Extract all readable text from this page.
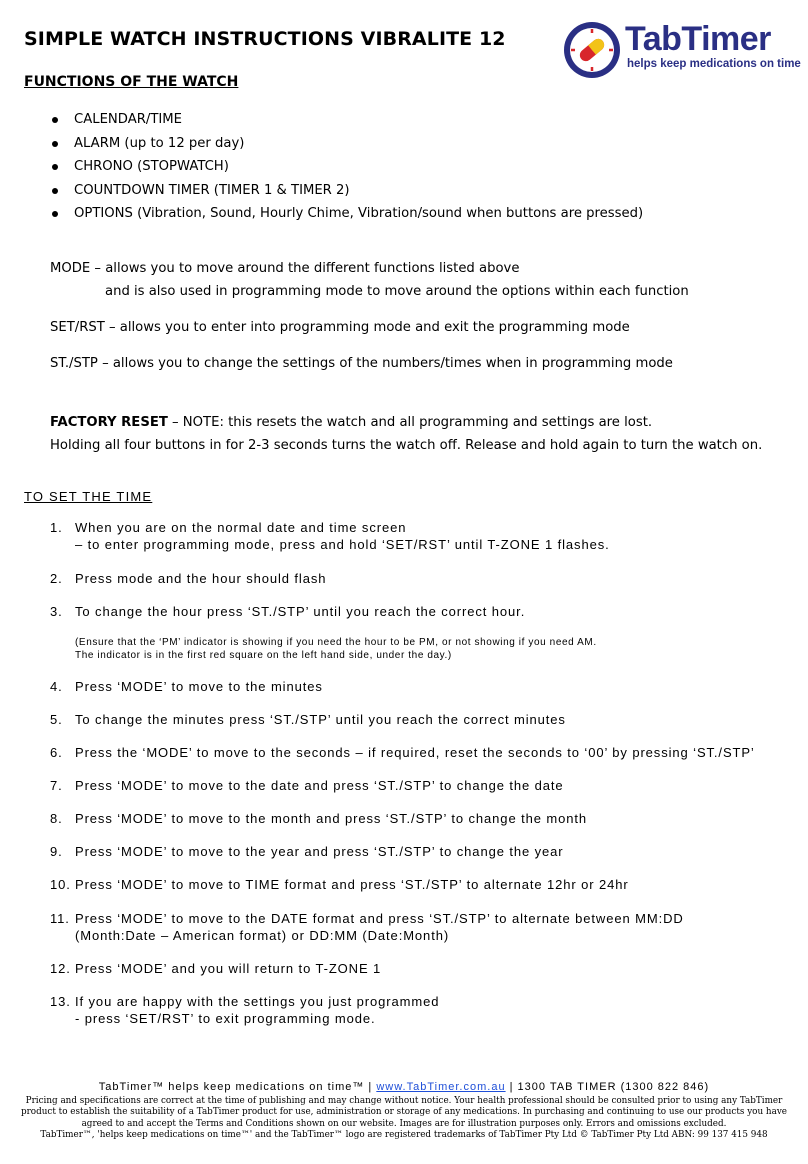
SIMPLE WATCH INSTRUCTIONS VIBRALITE 12	TabTimer
helps keep medications on time
FUNCTIONS OF THE WATCH
CALENDAR/TIME
ALARM (up to 12 per day)
CHRONO (STOPWATCH)
COUNTDOWN TIMER (TIMER 1 & TIMER 2)
OPTIONS (Vibration, Sound, Hourly Chime, Vibration/sound when buttons are pressed)
MODE – allows you to move around the different functions listed above
and is also used in programming mode to move around the options within each function
SET/RST – allows you to enter into programming mode and exit the programming mode
ST./STP – allows you to change the settings of the numbers/times when in programming mode
FACTORY RESET – NOTE: this resets the watch and all programming and settings are lost.
Holding all four buttons in for 2-3 seconds turns the watch off. Release and hold again to turn the watch on.
TO SET THE TIME
1. When you are on the normal date and time screen
– to enter programming mode, press and hold ‘SET/RST’ until T-ZONE 1 flashes.
2. Press mode and the hour should flash
3. To change the hour press ‘ST./STP’ until you reach the correct hour.
(Ensure that the ‘PM’ indicator is showing if you need the hour to be PM, or not showing if you need AM.
The indicator is in the first red square on the left hand side, under the day.)
4. Press ‘MODE’ to move to the minutes
5. To change the minutes press ‘ST./STP’ until you reach the correct minutes
6. Press the ‘MODE’ to move to the seconds – if required, reset the seconds to ‘00’ by pressing ‘ST./STP’
7. Press ‘MODE’ to move to the date and press ‘ST./STP’ to change the date
8. Press ‘MODE’ to move to the month and press ‘ST./STP’ to change the month
9. Press ‘MODE’ to move to the year and press ‘ST./STP’ to change the year
10. Press ‘MODE’ to move to TIME format and press ‘ST./STP’ to alternate 12hr or 24hr
11. Press ‘MODE’ to move to the DATE format and press ‘ST./STP’ to alternate between MM:DD
(Month:Date – American format) or DD:MM (Date:Month)
12. Press ‘MODE’ and you will return to T-ZONE 1
13. If you are happy with the settings you just programmed
- press ‘SET/RST’ to exit programming mode.
TabTimer™ helps keep medications on time™ | www.TabTimer.com.au | 1300 TAB TIMER (1300 822 846)
Pricing and specifications are correct at the time of publishing and may change without notice. Your health professional should be consulted prior to using any TabTimer
product to establish the suitability of a TabTimer product for use, administration or storage of any medications. In purchasing and continuing to use our products you have
agreed to and accept the Terms and Conditions shown on our website. Images are for illustration purposes only. Errors and omissions excluded.
TabTimer™, 'helps keep medications on time™' and the TabTimer™ logo are registered trademarks of TabTimer Pty Ltd © TabTimer Pty Ltd ABN: 99 137 415 948
